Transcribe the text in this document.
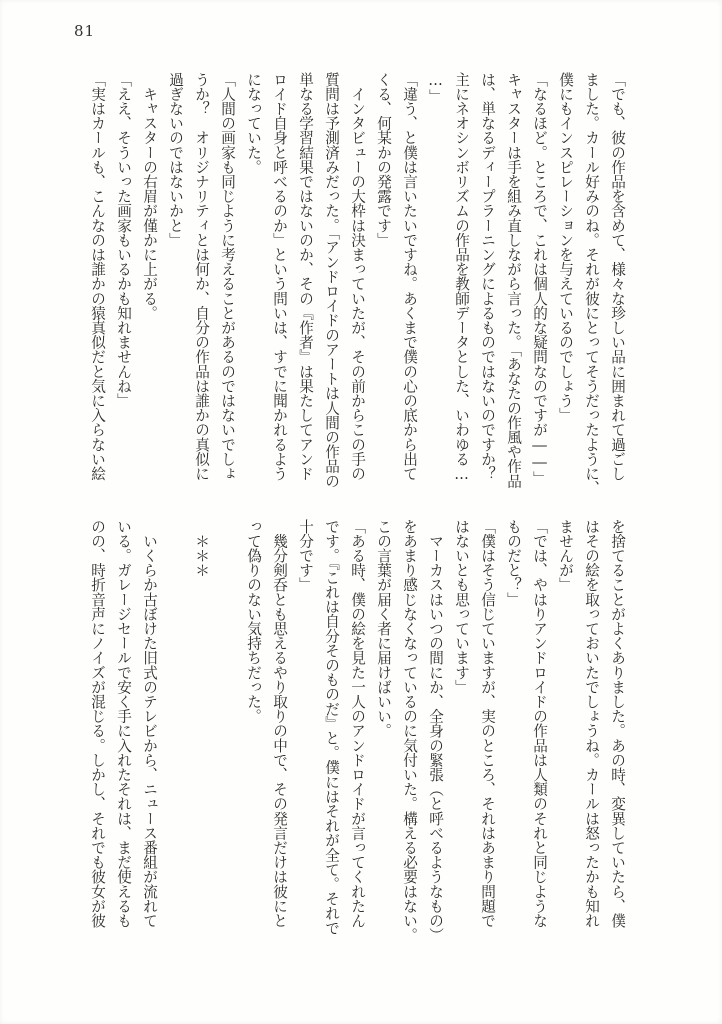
81
「でも、彼の作品を含めて、様々な珍しい品に囲まれて過ごし
ました。カール好みのね。それが彼にとってそうだったように、
僕にもインスピレーションを与えているのでしょう」
「なるほど。ところで、これは個人的な疑問なのですが――」
キャスターは手を組み直しながら言った。「あなたの作風や作品
は、単なるディープラーニングによるものではないのですか？
主にネオシンボリズムの作品を教師データとした、いわゆる…
…」
「違う、と僕は言いたいですね。あくまで僕の心の底から出て
くる、何某かの発露です」
　インタビューの大枠は決まっていたが、その前からこの手の
質問は予測済みだった。「アンドロイドのアートは人間の作品の
単なる学習結果ではないのか、その『作者』は果たしてアンド
ロイド自身と呼べるのか」という問いは、すでに聞かれるよう
になっていた。
「人間の画家も同じように考えることがあるのではないでしょ
うか？　オリジナリティとは何か、自分の作品は誰かの真似に
過ぎないのではないかと」
　キャスターの右眉が僅かに上がる。
「ええ、そういった画家もいるかも知れませんね」
「実はカールも、こんなのは誰かの猿真似だと気に入らない絵
を捨てることがよくありました。あの時、変異していたら、僕
はその絵を取っておいたでしょうね。カールは怒ったかも知れ
ませんが」
「では、やはりアンドロイドの作品は人類のそれと同じような
ものだと？」
「僕はそう信じていますが、実のところ、それはあまり問題で
はないとも思っています」
　マーカスはいつの間にか、全身の緊張（と呼べるようなもの）
をあまり感じなくなっているのに気付いた。構える必要はない。
この言葉が届く者に届けばいい。
「ある時、僕の絵を見た一人のアンドロイドが言ってくれたん
です。『これは自分そのものだ』と。僕にはそれが全て。それで
十分です」
　幾分剣呑とも思えるやり取りの中で、その発言だけは彼にと
って偽りのない気持ちだった。

　＊＊＊

　いくらか古ぼけた旧式のテレビから、ニュース番組が流れて
いる。ガレージセールで安く手に入れたそれは、まだ使えるも
のの、時折音声にノイズが混じる。しかし、それでも彼女が彼
